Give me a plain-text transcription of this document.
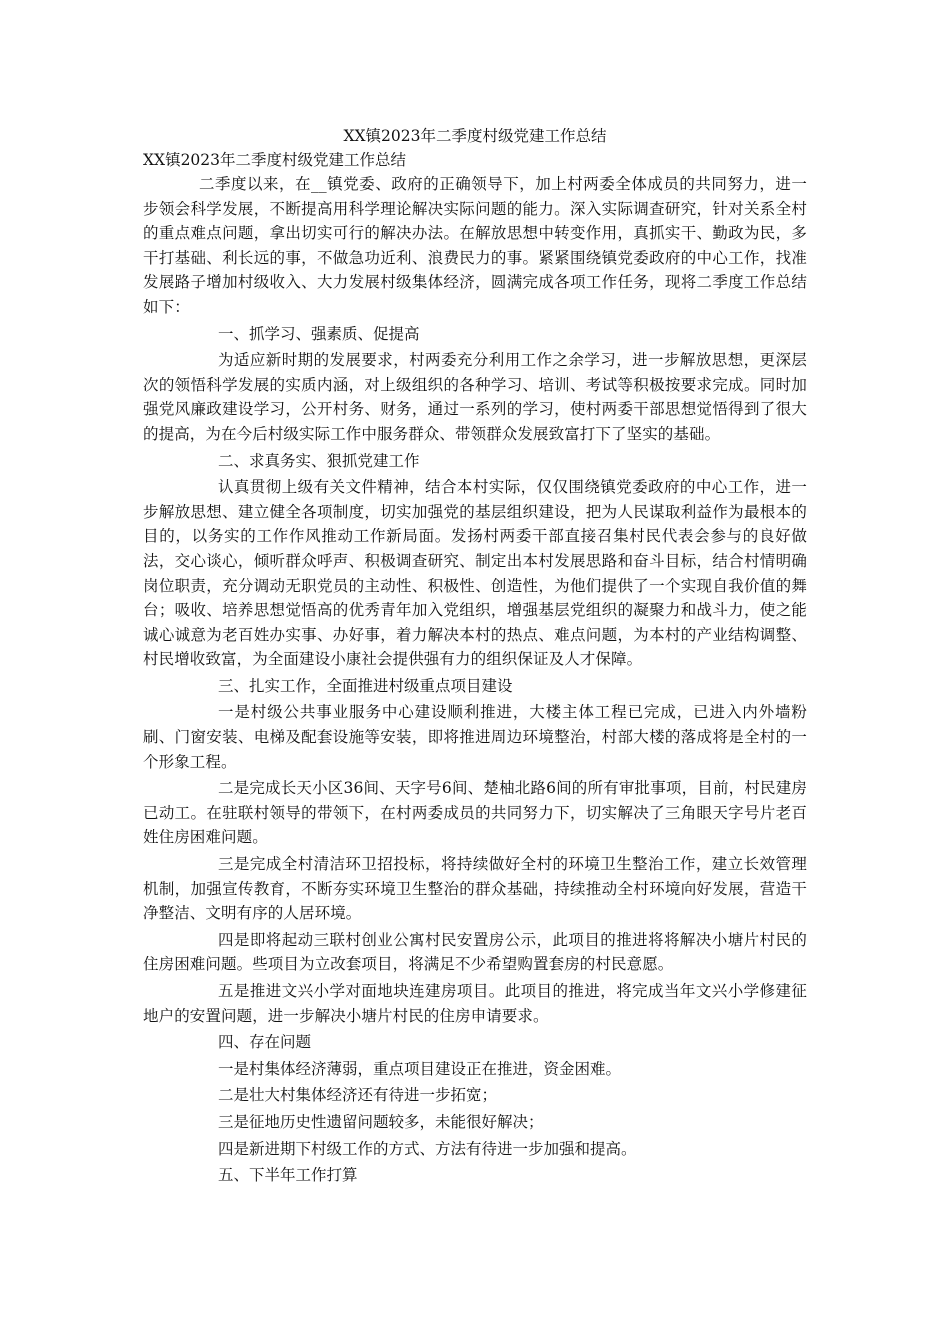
XX镇2023年二季度村级党建工作总结

XX镇2023年二季度村级党建工作总结

二季度以来，在__镇党委、政府的正确领导下，加上村两委全体成员的共同努力，进一步领会科学发展，不断提高用科学理论解决实际问题的能力。深入实际调查研究，针对关系全村的重点难点问题，拿出切实可行的解决办法。在解放思想中转变作用，真抓实干、勤政为民，多干打基础、利长远的事，不做急功近利、浪费民力的事。紧紧围绕镇党委政府的中心工作，找准发展路子增加村级收入、大力发展村级集体经济，圆满完成各项工作任务，现将二季度工作总结如下：

一、抓学习、强素质、促提高

为适应新时期的发展要求，村两委充分利用工作之余学习，进一步解放思想，更深层次的领悟科学发展的实质内涵，对上级组织的各种学习、培训、考试等积极按要求完成。同时加强党风廉政建设学习，公开村务、财务，通过一系列的学习，使村两委干部思想觉悟得到了很大的提高，为在今后村级实际工作中服务群众、带领群众发展致富打下了坚实的基础。

二、求真务实、狠抓党建工作

认真贯彻上级有关文件精神，结合本村实际，仅仅围绕镇党委政府的中心工作，进一步解放思想、建立健全各项制度，切实加强党的基层组织建设，把为人民谋取利益作为最根本的目的，以务实的工作作风推动工作新局面。发扬村两委干部直接召集村民代表会参与的良好做法，交心谈心，倾听群众呼声、积极调查研究、制定出本村发展思路和奋斗目标，结合村情明确岗位职责，充分调动无职党员的主动性、积极性、创造性，为他们提供了一个实现自我价值的舞台；吸收、培养思想觉悟高的优秀青年加入党组织，增强基层党组织的凝聚力和战斗力，使之能诚心诚意为老百姓办实事、办好事，着力解决本村的热点、难点问题，为本村的产业结构调整、村民增收致富，为全面建设小康社会提供强有力的组织保证及人才保障。

三、扎实工作，全面推进村级重点项目建设

一是村级公共事业服务中心建设顺利推进，大楼主体工程已完成，已进入内外墙粉刷、门窗安装、电梯及配套设施等安装，即将推进周边环境整治，村部大楼的落成将是全村的一个形象工程。

二是完成长天小区36间、天字号6间、楚柚北路6间的所有审批事项，目前，村民建房已动工。在驻联村领导的带领下，在村两委成员的共同努力下，切实解决了三角眼天字号片老百姓住房困难问题。

三是完成全村清洁环卫招投标，将持续做好全村的环境卫生整治工作，建立长效管理机制，加强宣传教育，不断夯实环境卫生整治的群众基础，持续推动全村环境向好发展，营造干净整洁、文明有序的人居环境。

四是即将起动三联村创业公寓村民安置房公示，此项目的推进将将解决小塘片村民的住房困难问题。些项目为立改套项目，将满足不少希望购置套房的村民意愿。

五是推进文兴小学对面地块连建房项目。此项目的推进，将完成当年文兴小学修建征地户的安置问题，进一步解决小塘片村民的住房申请要求。

四、存在问题

一是村集体经济薄弱，重点项目建设正在推进，资金困难。

二是壮大村集体经济还有待进一步拓宽；

三是征地历史性遗留问题较多，未能很好解决；

四是新进期下村级工作的方式、方法有待进一步加强和提高。

五、下半年工作打算
